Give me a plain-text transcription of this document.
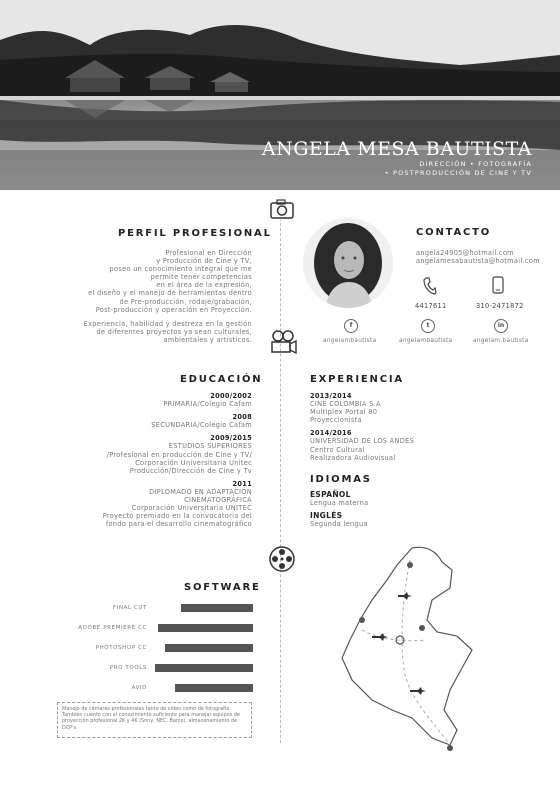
ANGELA MESA BAUTISTA
DIRECCIÓN • FOTOGRAFÍA
• POSTPRODUCCIÓN DE CINE Y TV
PERFIL PROFESIONAL
Profesional en Dirección
y Producción de Cine y TV,
poseo un conocimiento integral que me
permite tener competencias
en el área de la expresión,
el diseño y el manejo de herramientas dentro
de Pre-producción, rodaje/grabación,
Post-producción y operación en Proyección.
Experiencia, habilidad y destreza en la gestión
de diferentes proyectos ya sean culturales,
ambientales y artísticos.
CONTACTO
angela24905@hotmail.com
angelamesabautista@hotmail.com
4417611	310-2471872
f
angelambautista
t
angelambautista
in
angelam.bautista
EDUCACIÓN
2000/2002
PRIMARIA/Colegio Cafam
2008
SECUNDARIA/Colegio Cafam
2009/2015
ESTUDIOS SUPERIORES
/Profesional en producción de Cine y TV/
Corporación Universitaria Unitec
Producción/Dirección de Cine y Tv
2011
DIPLOMADO EN ADAPTACIÓN
CINEMATOGRÁFICA
Corporación Universitaria UNITEC
Proyecto premiado en la convocatoria del
fondo para el desarrollo cinematográfico
EXPERIENCIA
2013/2014
CINE COLOMBIA S.A
Multiplex Portal 80
Proyeccionista
2014/2016
UNIVERSIDAD DE LOS ANDES
Centro Cultural
Realizadora Audiovisual
IDIOMAS
ESPAÑOL
Lengua materna
INGLÉS
Segunda lengua
SOFTWARE
FINAL CUT
ADOBE PREMIERE CC
PHOTOSHOP CC
PRO TOOLS
AVID
Manejo de cámaras profesionales tanto de video como de fotografía. También cuento con el conocimiento suficiente para manejar equipos de proyección profesional 2K y 4K (Sony, NEC, Barco), almacenamiento de DCP's.
